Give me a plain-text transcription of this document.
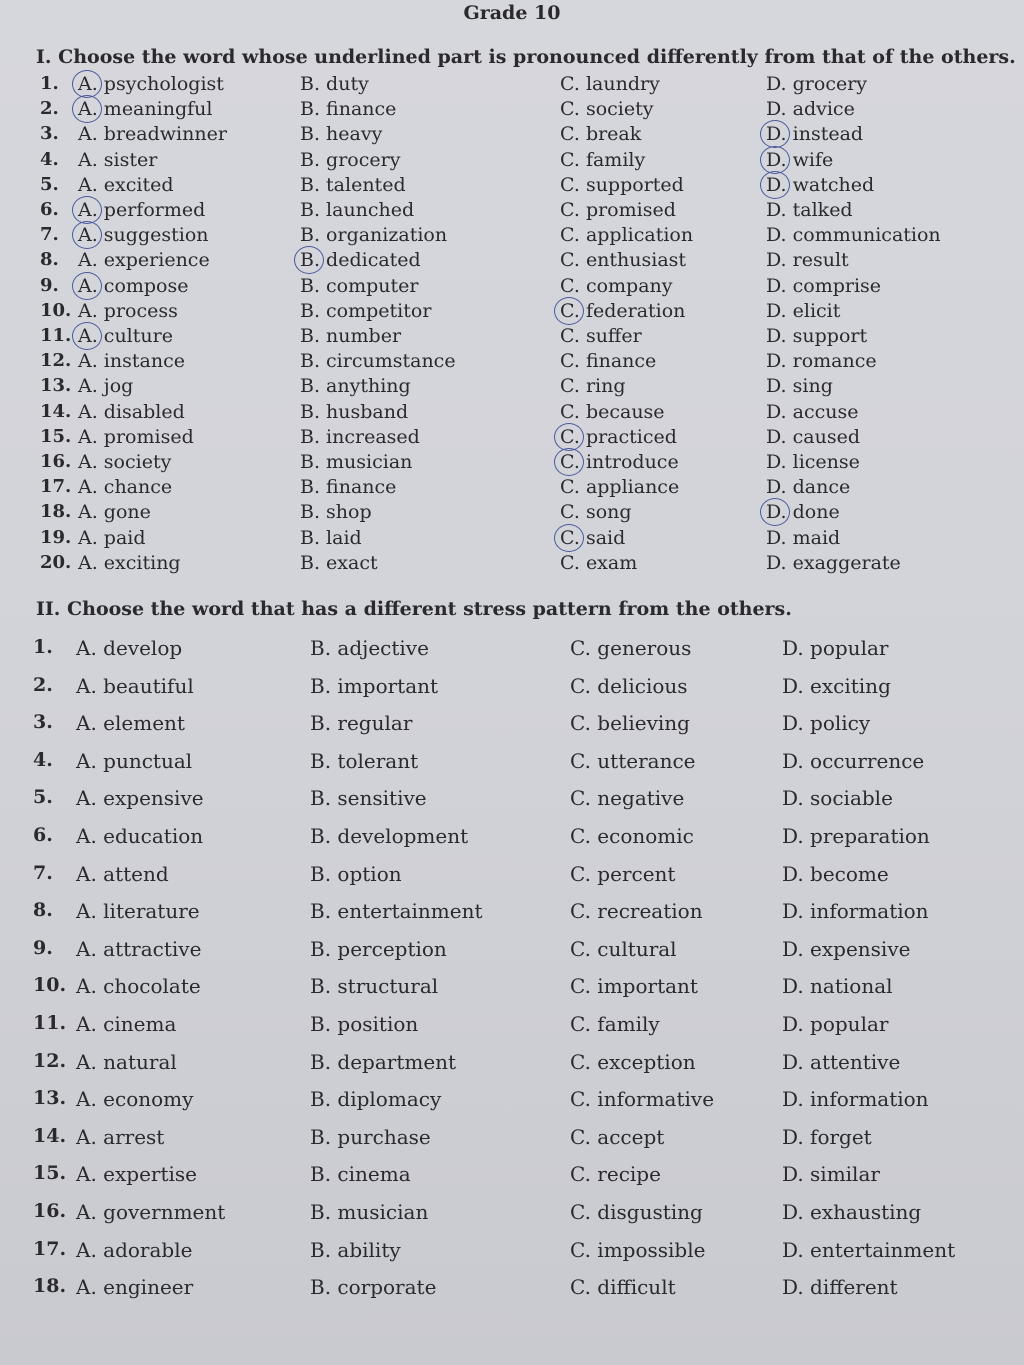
Grade 10
I. Choose the word whose underlined part is pronounced differently from that of the others.
1. A. psychologist	B. duty	C. laundry	D. grocery
2. A. meaningful	B. finance	C. society	D. advice
3. A. breadwinner	B. heavy	C. break	D. instead
4. A. sister	B. grocery	C. family	D. wife
5. A. excited	B. talented	C. supported	D. watched
6. A. performed	B. launched	C. promised	D. talked
7. A. suggestion	B. organization	C. application	D. communication
8. A. experience	B. dedicated	C. enthusiast	D. result
9. A. compose	B. computer	C. company	D. comprise
10. A. process	B. competitor	C. federation	D. elicit
11. A. culture	B. number	C. suffer	D. support
12. A. instance	B. circumstance	C. finance	D. romance
13. A. jog	B. anything	C. ring	D. sing
14. A. disabled	B. husband	C. because	D. accuse
15. A. promised	B. increased	C. practiced	D. caused
16. A. society	B. musician	C. introduce	D. license
17. A. chance	B. finance	C. appliance	D. dance
18. A. gone	B. shop	C. song	D. done
19. A. paid	B. laid	C. said	D. maid
20. A. exciting	B. exact	C. exam	D. exaggerate
II. Choose the word that has a different stress pattern from the others.
1. A. develop	B. adjective	C. generous	D. popular
2. A. beautiful	B. important	C. delicious	D. exciting
3. A. element	B. regular	C. believing	D. policy
4. A. punctual	B. tolerant	C. utterance	D. occurrence
5. A. expensive	B. sensitive	C. negative	D. sociable
6. A. education	B. development	C. economic	D. preparation
7. A. attend	B. option	C. percent	D. become
8. A. literature	B. entertainment	C. recreation	D. information
9. A. attractive	B. perception	C. cultural	D. expensive
10. A. chocolate	B. structural	C. important	D. national
11. A. cinema	B. position	C. family	D. popular
12. A. natural	B. department	C. exception	D. attentive
13. A. economy	B. diplomacy	C. informative	D. information
14. A. arrest	B. purchase	C. accept	D. forget
15. A. expertise	B. cinema	C. recipe	D. similar
16. A. government	B. musician	C. disgusting	D. exhausting
17. A. adorable	B. ability	C. impossible	D. entertainment
18. A. engineer	B. corporate	C. difficult	D. different
